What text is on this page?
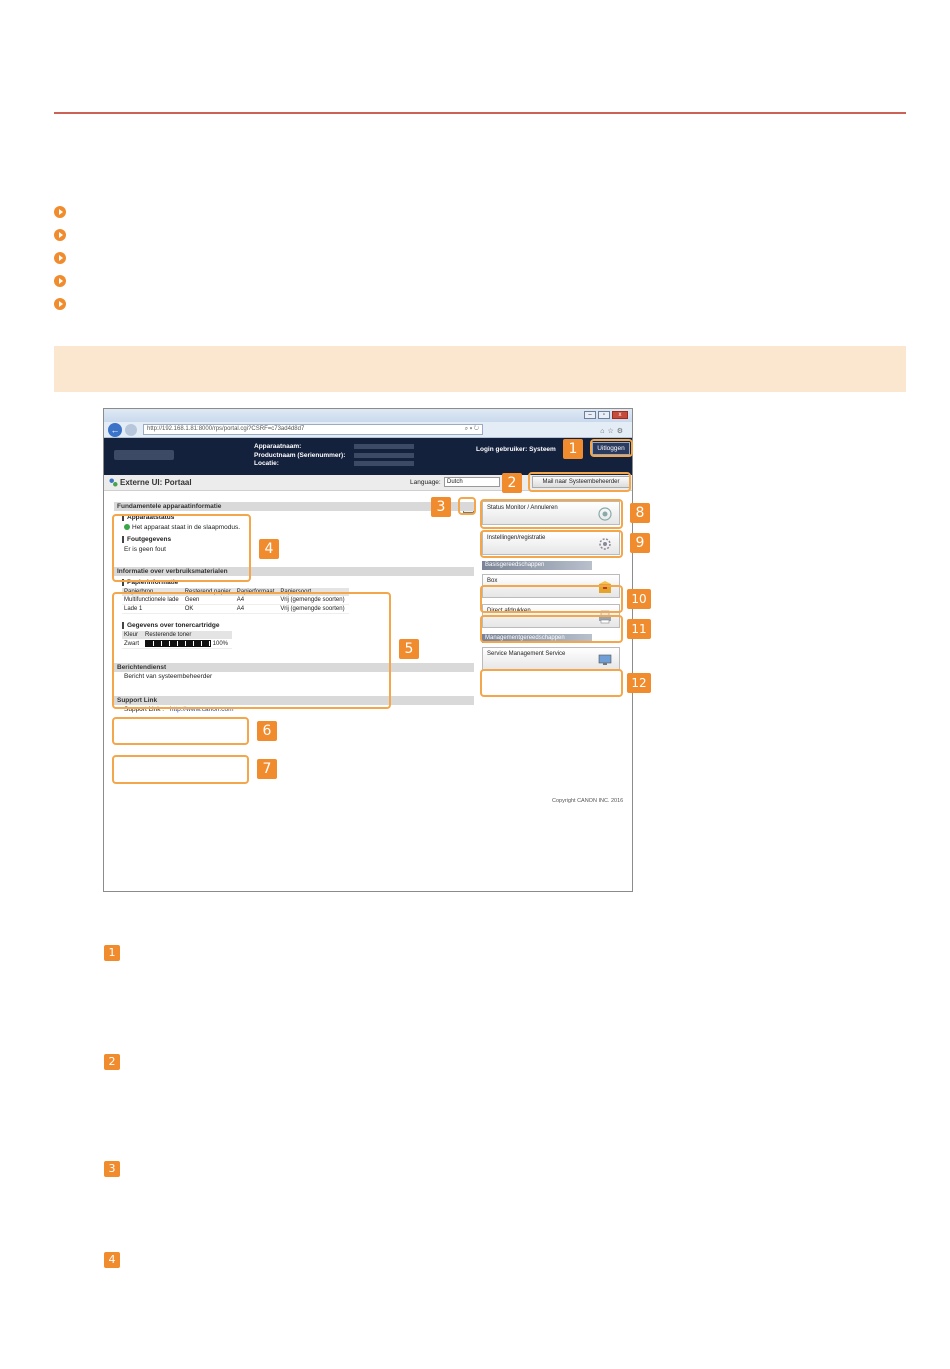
–	▫	x
←	http://192.168.1.81:8000/rps/portal.cgi?CSRF=c73ad4d8d7	⌕ ▾ ↻	⌂☆⚙
Apparaatnaam:
Productnaam (Serienummer):
Locatie:
Login gebruiker: Systeem	Uitloggen
Externe UI: Portaal	Language:	Dutch	Mail naar Systeembeheerder
Fundamentele apparaatinformatie
Apparaatstatus
Het apparaat staat in de slaapmodus.
Foutgegevens
Er is geen fout
Informatie over verbruiksmaterialen
Papierinformatie
Papierbron	Resterend papier	Papierformaat	Papiersoort
Multifunctionele lade	Geen	A4	Vrij (gemengde soorten)
Lade 1	OK	A4	Vrij (gemengde soorten)
Gegevens over tonercartridge
Kleur	Resterende toner
Zwart	100%
Berichtendienst
Bericht van systeembeheerder
Support Link
Support Link : http://www.canon.com
Status Monitor / Annuleren
Instellingen/registratie
Basisgereedschappen
Box
Direct afdrukken
Managementgereedschappen
Service Management Service
Copyright CANON INC. 2016
1
2
3
4
5
6
7
8
9
10
11
12
1
2
3
4
